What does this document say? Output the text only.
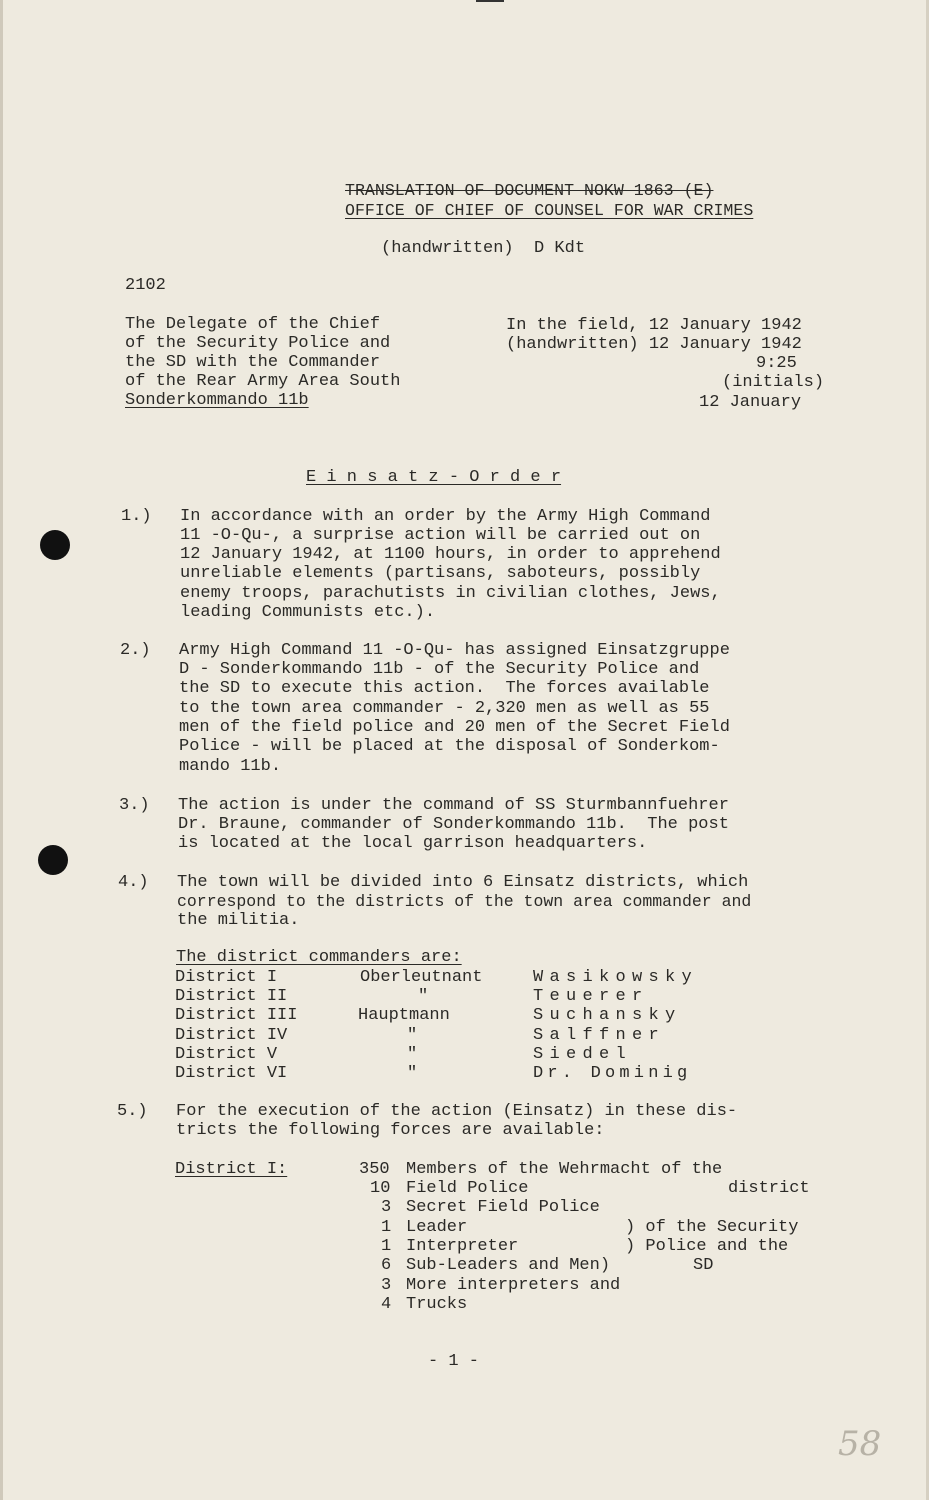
TRANSLATION OF DOCUMENT NOKW 1863 (E)
OFFICE OF CHIEF OF COUNSEL FOR WAR CRIMES
(handwritten)  D Kdt
2102
The Delegate of the Chief
of the Security Police and
the SD with the Commander
of the Rear Army Area South
Sonderkommando 11b
In the field, 12 January 1942
(handwritten) 12 January 1942
9:25
(initials)
12 January
E i n s a t z - O r d e r
1.) In accordance with an order by the Army High Command
11 -O-Qu-, a surprise action will be carried out on
12 January 1942, at 1100 hours, in order to apprehend
unreliable elements (partisans, saboteurs, possibly
enemy troops, parachutists in civilian clothes, Jews,
leading Communists etc.).
2.) Army High Command 11 -O-Qu- has assigned Einsatzgruppe
D - Sonderkommando 11b - of the Security Police and
the SD to execute this action.  The forces available
to the town area commander - 2,320 men as well as 55
men of the field police and 20 men of the Secret Field
Police - will be placed at the disposal of Sonderkom-
mando 11b.
3.) The action is under the command of SS Sturmbannfuehrer
Dr. Braune, commander of Sonderkommando 11b.  The post
is located at the local garrison headquarters.
4.) The town will be divided into 6 Einsatz districts, which
correspond to the districts of the town area commander and
the militia.
The district commanders are:
District I	Oberleutnant	Wasikowsky
District II	"	Teuerer
District III	Hauptmann	Suchansky
District IV	"	Salffner
District V	"	Siedel
District VI	"	Dr. Dominig
5.) For the execution of the action (Einsatz) in these dis-
tricts the following forces are available:
District I:	350 Members of the Wehrmacht of the
10 Field Police	district
3 Secret Field Police
1 Leader	) of the Security
1 Interpreter	) Police and the
6 Sub-Leaders and Men)	SD
3 More interpreters and
4 Trucks
- 1 -
58
